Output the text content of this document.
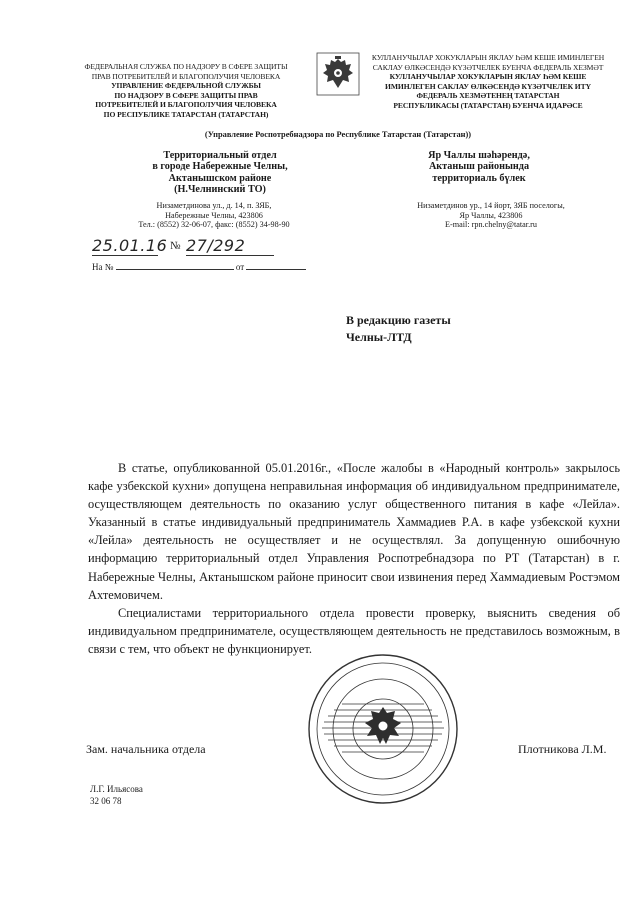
ФЕДЕРАЛЬНАЯ СЛУЖБА ПО НАДЗОРУ В СФЕРЕ ЗАЩИТЫ
ПРАВ ПОТРЕБИТЕЛЕЙ И БЛАГОПОЛУЧИЯ ЧЕЛОВЕКА
УПРАВЛЕНИЕ ФЕДЕРАЛЬНОЙ СЛУЖБЫ
ПО НАДЗОРУ В СФЕРЕ ЗАЩИТЫ ПРАВ
ПОТРЕБИТЕЛЕЙ И БЛАГОПОЛУЧИЯ ЧЕЛОВЕКА
ПО РЕСПУБЛИКЕ ТАТАРСТАН (ТАТАРСТАН)
КУЛЛАНУЧЫЛАР ХОКУКЛАРЫН ЯКЛАУ ҺӘМ КЕШЕ ИМИНЛЕГЕН
САКЛАУ ӨЛКӘСЕНДӘ КҮЗӘТЧЕЛЕК БУЕНЧА ФЕДЕРАЛЬ ХЕЗМӘТ
КУЛЛАНУЧЫЛАР ХОКУКЛАРЫН ЯКЛАУ ҺӘМ КЕШЕ
ИМИНЛЕГЕН САКЛАУ ӨЛКӘСЕНДӘ КҮЗӘТЧЕЛЕК ИТҮ
ФЕДЕРАЛЬ ХЕЗМӘТЕНЕҢ ТАТАРСТАН
РЕСПУБЛИКАСЫ (ТАТАРСТАН) БУЕНЧА ИДАРӘСЕ
(Управление Роспотребнадзора по Республике Татарстан (Татарстан))
Территориальный отдел
в городе Набережные Челны,
Актанышском районе
(Н.Челнинский ТО)
Яр Чаллы шәһәрендә,
Актаныш районында
территориаль бүлек
Низаметдинова ул., д. 14, п. ЗЯБ,
Набережные Челны, 423806
Тел.: (8552) 32-06-07, факс: (8552) 34-98-90
Низаметдинов ур., 14 йорт, ЗЯБ поселогы,
Яр Чаллы, 423806
E-mail: rpn.chelny@tatar.ru
25.01.16 № 27/292
На №	от
В редакцию газеты
Челны-ЛТД

В статье, опубликованной 05.01.2016г., «После жалобы в «Народный контроль» закрылось кафе узбекской кухни» допущена неправильная информация об индивидуальном предпринимателе, осуществляющем деятельность по оказанию услуг общественного питания в кафе «Лейла». Указанный в статье индивидуальный предприниматель Хаммадиев Р.А. в кафе узбекской кухни «Лейла» деятельность не осуществляет и не осуществлял. За допущенную ошибочную информацию территориальный отдел Управления Роспотребнадзора по РТ (Татарстан) в г. Набережные Челны, Актанышском районе приносит свои извинения перед Хаммадиевым Ростэмом Ахтемовичем.

Специалистами территориального отдела провести проверку, выяснить сведения об индивидуальном предпринимателе, осуществляющем деятельность не представилось возможным, в связи с тем, что объект не функционирует.

Зам. начальника отдела	Плотникова Л.М.
Л.Г. Ильясова
32 06 78
